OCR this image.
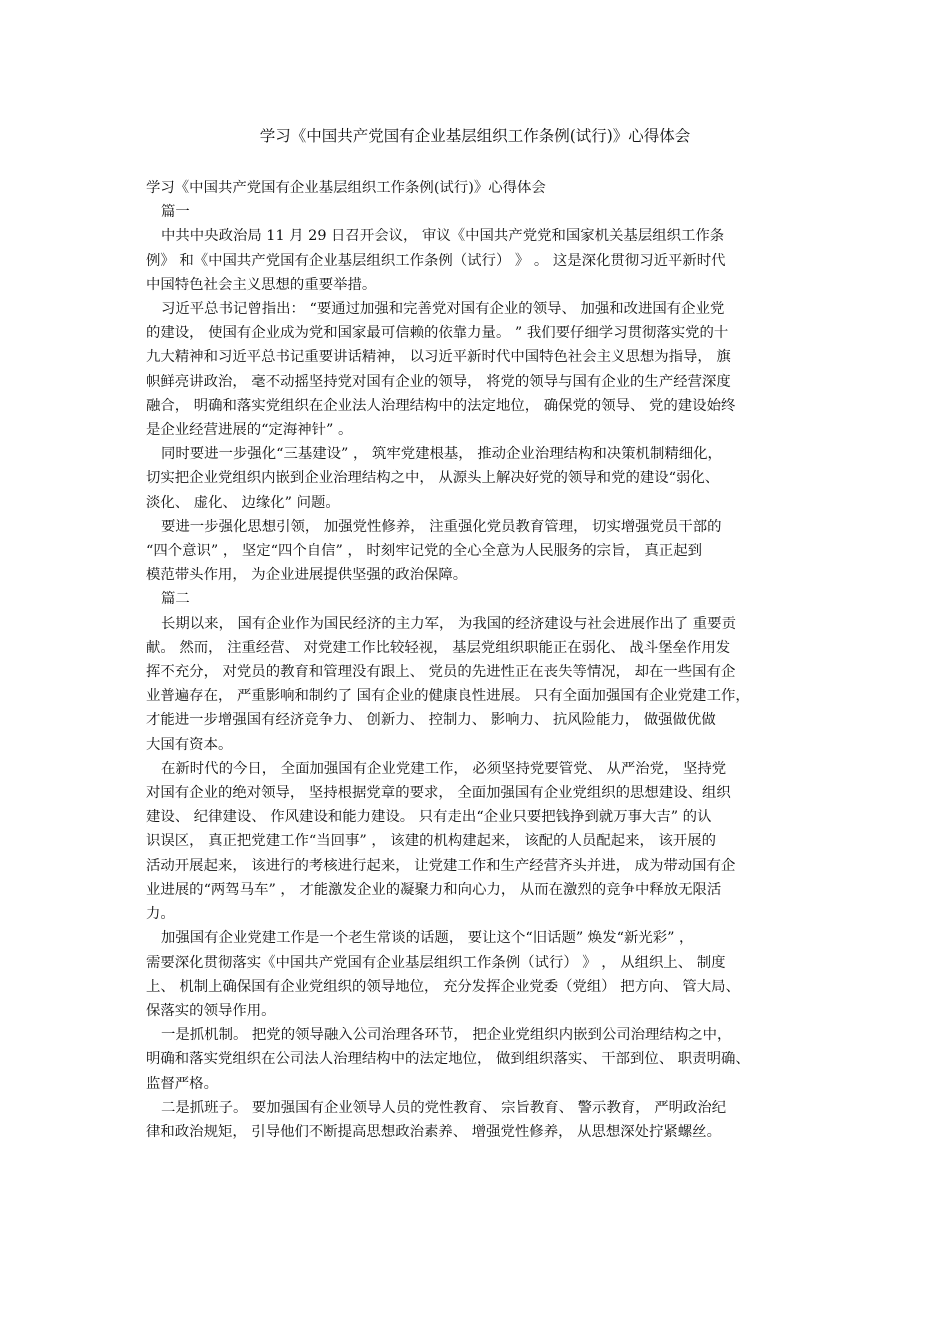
学习《中国共产党国有企业基层组织工作条例(试行)》心得体会

学习《中国共产党国有企业基层组织工作条例(试行)》心得体会

篇一

中共中央政治局 11 月 29 日召开会议， 审议《中国共产党党和国家机关基层组织工作条

例》 和《中国共产党国有企业基层组织工作条例（试行） 》 。 这是深化贯彻习近平新时代

中国特色社会主义思想的重要举措。

习近平总书记曾指出： “要通过加强和完善党对国有企业的领导、 加强和改进国有企业党

的建设， 使国有企业成为党和国家最可信赖的依靠力量。 ” 我们要仔细学习贯彻落实党的十

九大精神和习近平总书记重要讲话精神， 以习近平新时代中国特色社会主义思想为指导， 旗

帜鲜亮讲政治， 毫不动摇坚持党对国有企业的领导， 将党的领导与国有企业的生产经营深度

融合， 明确和落实党组织在企业法人治理结构中的法定地位， 确保党的领导、 党的建设始终

是企业经营进展的“定海神针” 。

同时要进一步强化“三基建设” ， 筑牢党建根基， 推动企业治理结构和决策机制精细化，

切实把企业党组织内嵌到企业治理结构之中， 从源头上解决好党的领导和党的建设“弱化、

淡化、 虚化、 边缘化” 问题。

要进一步强化思想引领， 加强党性修养， 注重强化党员教育管理， 切实增强党员干部的

“四个意识” ， 坚定“四个自信” ， 时刻牢记党的全心全意为人民服务的宗旨， 真正起到

模范带头作用， 为企业进展提供坚强的政治保障。

篇二

长期以来， 国有企业作为国民经济的主力军， 为我国的经济建设与社会进展作出了 重要贡

献。 然而， 注重经营、 对党建工作比较轻视， 基层党组织职能正在弱化、 战斗堡垒作用发

挥不充分， 对党员的教育和管理没有跟上、 党员的先进性正在丧失等情况， 却在一些国有企

业普遍存在， 严重影响和制约了 国有企业的健康良性进展。 只有全面加强国有企业党建工作，

才能进一步增强国有经济竞争力、 创新力、 控制力、 影响力、 抗风险能力， 做强做优做

大国有资本。

在新时代的今日， 全面加强国有企业党建工作， 必须坚持党要管党、 从严治党， 坚持党

对国有企业的绝对领导， 坚持根据党章的要求， 全面加强国有企业党组织的思想建设、组织

建设、 纪律建设、 作风建设和能力建设。 只有走出“企业只要把钱挣到就万事大吉” 的认

识误区， 真正把党建工作“当回事” ， 该建的机构建起来， 该配的人员配起来， 该开展的

活动开展起来， 该进行的考核进行起来， 让党建工作和生产经营齐头并进， 成为带动国有企

业进展的“两驾马车” ， 才能激发企业的凝聚力和向心力， 从而在激烈的竞争中释放无限活

力。

加强国有企业党建工作是一个老生常谈的话题， 要让这个“旧话题” 焕发“新光彩” ，

需要深化贯彻落实《中国共产党国有企业基层组织工作条例（试行） 》 ， 从组织上、 制度

上、 机制上确保国有企业党组织的领导地位， 充分发挥企业党委（党组） 把方向、 管大局、

保落实的领导作用。

一是抓机制。 把党的领导融入公司治理各环节， 把企业党组织内嵌到公司治理结构之中，

明确和落实党组织在公司法人治理结构中的法定地位， 做到组织落实、 干部到位、 职责明确、

监督严格。

二是抓班子。 要加强国有企业领导人员的党性教育、 宗旨教育、 警示教育， 严明政治纪

律和政治规矩， 引导他们不断提高思想政治素养、 增强党性修养， 从思想深处拧紧螺丝。
